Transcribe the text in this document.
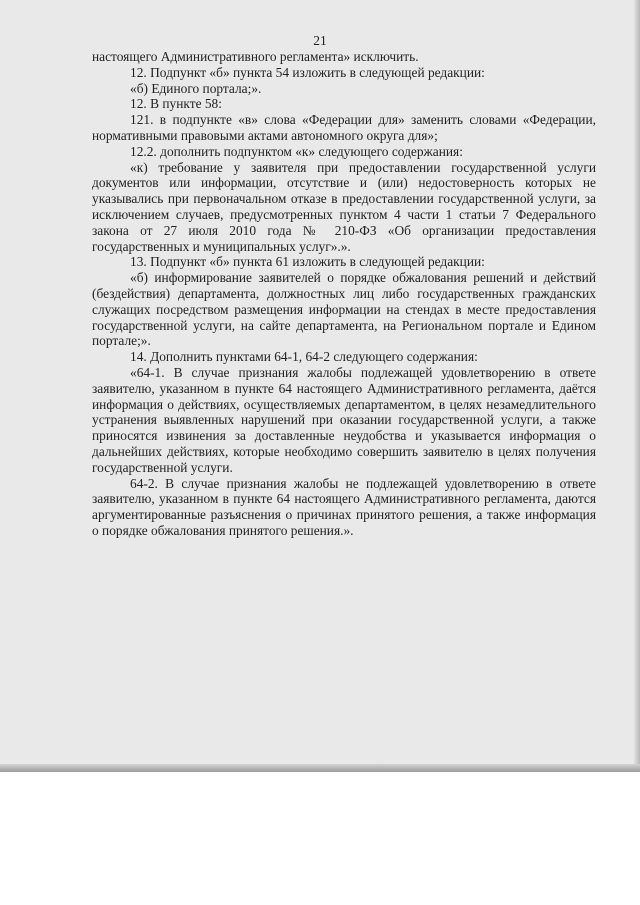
21

настоящего Административного регламента» исключить.

12. Подпункт «б» пункта 54 изложить в следующей редакции:

«б) Единого портала;».

12. В пункте 58:

121. в подпункте «в» слова «Федерации для» заменить словами «Федерации, нормативными правовыми актами автономного округа для»;

12.2. дополнить подпунктом «к» следующего содержания:

«к) требование у заявителя при предоставлении государственной услуги документов или информации, отсутствие и (или) недостоверность которых не указывались при первоначальном отказе в предоставлении государственной услуги, за исключением случаев, предусмотренных пунктом 4 части 1 статьи 7 Федерального закона от 27 июля 2010 года № 210-ФЗ «Об организации предоставления государственных и муниципальных услуг».».

13. Подпункт «б» пункта 61 изложить в следующей редакции:

«б) информирование заявителей о порядке обжалования решений и действий (бездействия) департамента, должностных лиц либо государственных гражданских служащих посредством размещения информации на стендах в месте предоставления государственной услуги, на сайте департамента, на Региональном портале и Едином портале;».

14. Дополнить пунктами 64-1, 64-2 следующего содержания:

«64-1. В случае признания жалобы подлежащей удовлетворению в ответе заявителю, указанном в пункте 64 настоящего Административного регламента, даётся информация о действиях, осуществляемых департаментом, в целях незамедлительного устранения выявленных нарушений при оказании государственной услуги, а также приносятся извинения за доставленные неудобства и указывается информация о дальнейших действиях, которые необходимо совершить заявителю в целях получения государственной услуги.

64-2. В случае признания жалобы не подлежащей удовлетворению в ответе заявителю, указанном в пункте 64 настоящего Административного регламента, даются аргументированные разъяснения о причинах принятого решения, а также информация о порядке обжалования принятого решения.».
